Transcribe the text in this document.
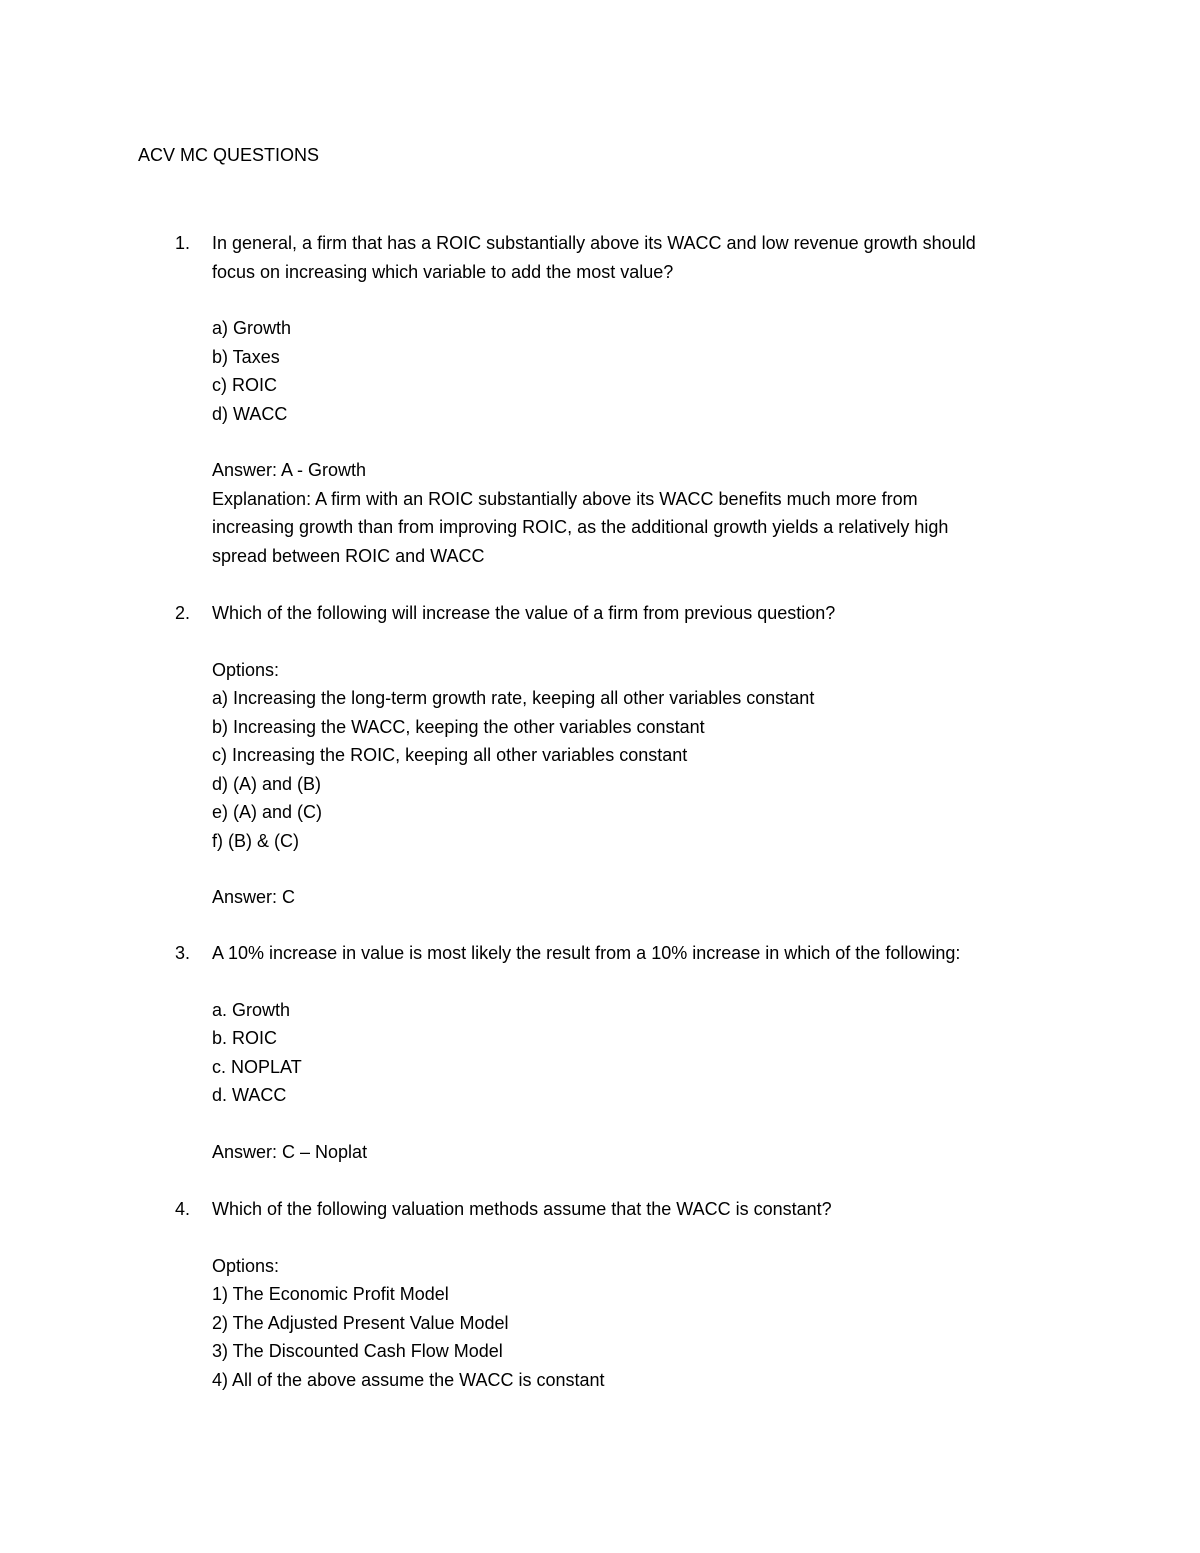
ACV MC QUESTIONS
1. In general, a firm that has a ROIC substantially above its WACC and low revenue growth should
focus on increasing which variable to add the most value?
a) Growth
b) Taxes
c) ROIC
d) WACC
Answer: A - Growth
Explanation: A firm with an ROIC substantially above its WACC benefits much more from
increasing growth than from improving ROIC, as the additional growth yields a relatively high
spread between ROIC and WACC
2. Which of the following will increase the value of a firm from previous question?
Options:
a) Increasing the long-term growth rate, keeping all other variables constant
b) Increasing the WACC, keeping the other variables constant
c) Increasing the ROIC, keeping all other variables constant
d) (A) and (B)
e) (A) and (C)
f) (B) & (C)
Answer: C
3. A 10% increase in value is most likely the result from a 10% increase in which of the following:
a. Growth
b. ROIC
c. NOPLAT
d. WACC
Answer: C – Noplat
4. Which of the following valuation methods assume that the WACC is constant?
Options:
1) The Economic Profit Model
2) The Adjusted Present Value Model
3) The Discounted Cash Flow Model
4) All of the above assume the WACC is constant
